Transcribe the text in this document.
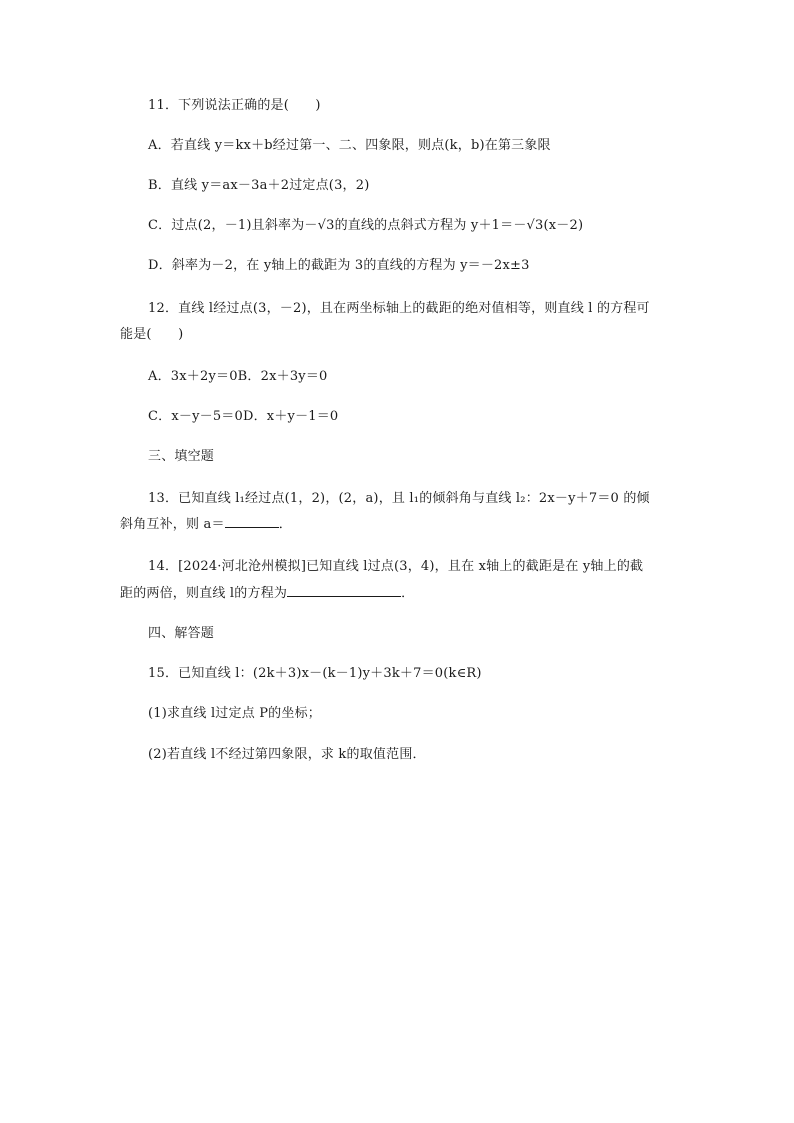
11．下列说法正确的是(　　)
A．若直线 y＝kx＋b经过第一、二、四象限，则点(k，b)在第三象限
B．直线 y＝ax－3a＋2过定点(3，2)
C．过点(2，－1)且斜率为－√3的直线的点斜式方程为 y＋1＝－√3(x－2)
D．斜率为－2，在 y轴上的截距为 3的直线的方程为 y＝－2x±3
12．直线 l经过点(3，－2)，且在两坐标轴上的截距的绝对值相等，则直线 l 的方程可
能是(　　)
A．3x＋2y＝0B．2x＋3y＝0
C．x－y－5＝0D．x＋y－1＝0
三、填空题
13．已知直线 l₁经过点(1，2)，(2，a)，且 l₁的倾斜角与直线 l₂：2x－y＋7＝0 的倾
斜角互补，则 a＝	．
14．[2024·河北沧州模拟]已知直线 l过点(3，4)，且在 x轴上的截距是在 y轴上的截
距的两倍，则直线 l的方程为	．
四、解答题
15．已知直线 l：(2k＋3)x－(k－1)y＋3k＋7＝0(k∈R)
(1)求直线 l过定点 P的坐标；
(2)若直线 l不经过第四象限，求 k的取值范围．
